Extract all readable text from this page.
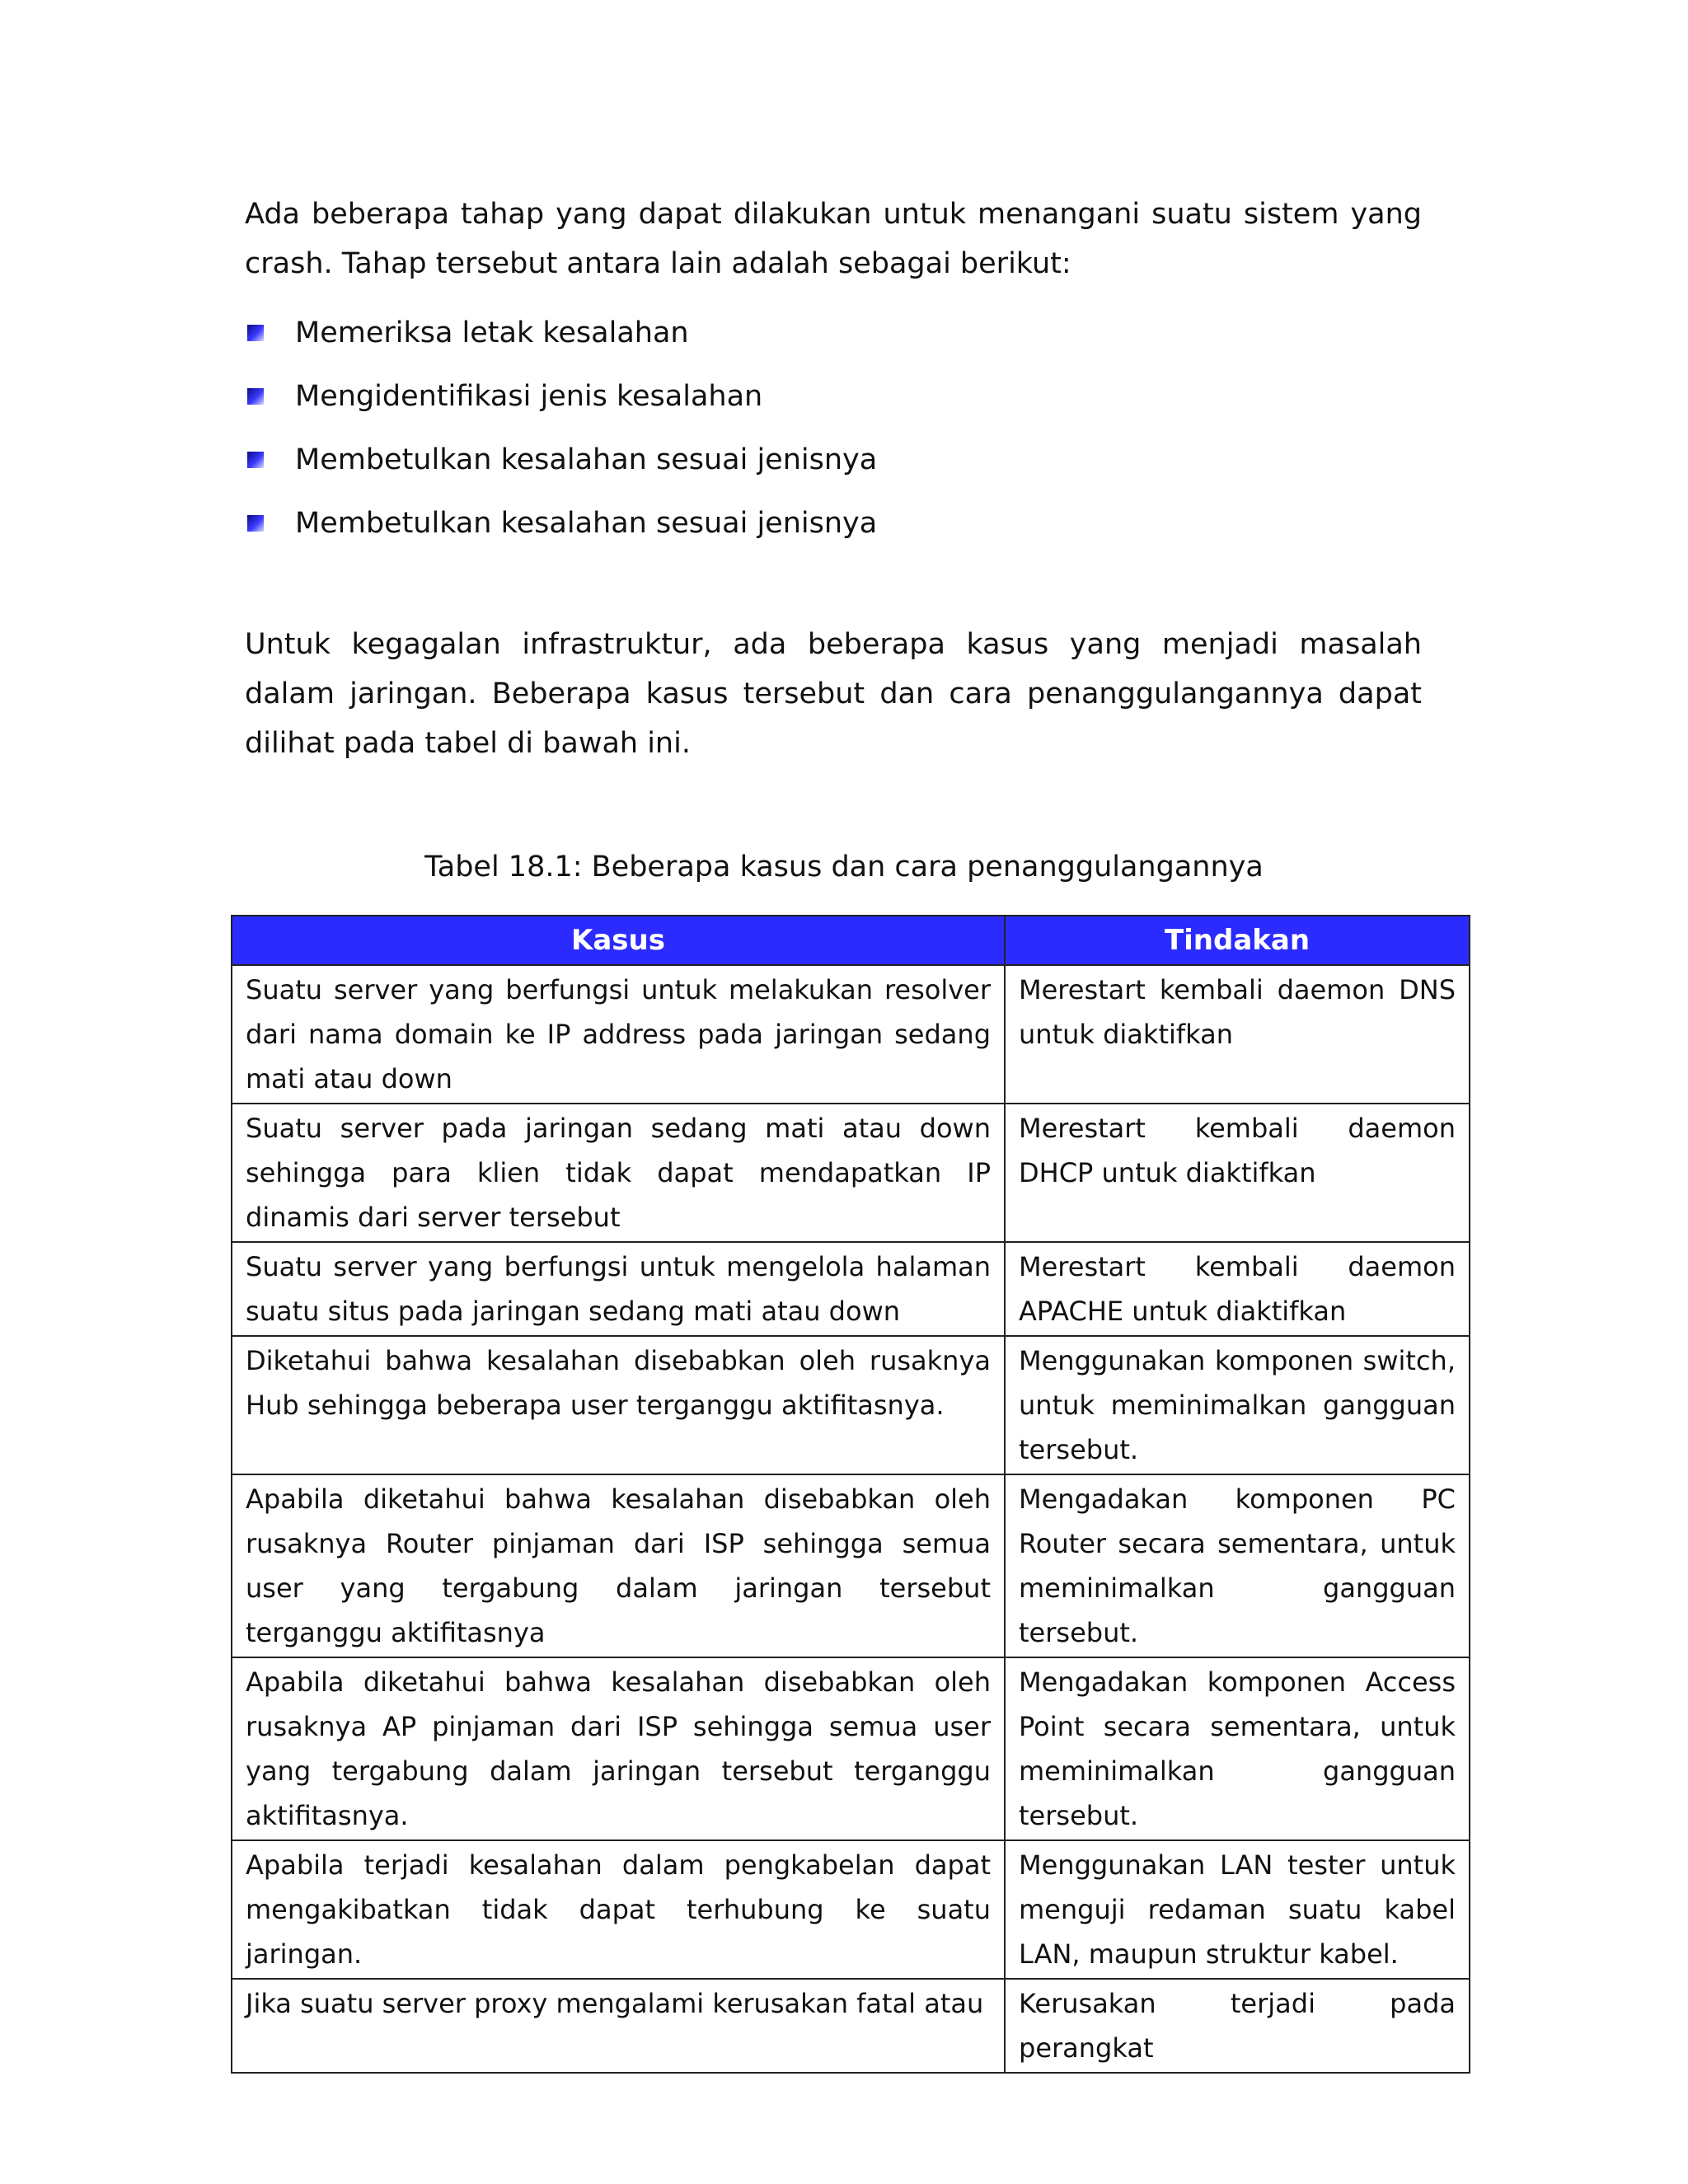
Ada beberapa tahap yang dapat dilakukan untuk menangani suatu sistem yang crash. Tahap tersebut antara lain adalah sebagai berikut:

Memeriksa letak kesalahan
Mengidentifikasi jenis kesalahan
Membetulkan kesalahan sesuai jenisnya
Membetulkan kesalahan sesuai jenisnya

Untuk kegagalan infrastruktur, ada beberapa kasus yang menjadi masalah dalam jaringan. Beberapa kasus tersebut dan cara penanggulangannya dapat dilihat pada tabel di bawah ini.

Tabel 18.1: Beberapa kasus dan cara penanggulangannya

Kasus	Tindakan
Suatu server yang berfungsi untuk melakukan resolver dari nama domain ke IP address pada jaringan sedang mati atau down	Merestart kembali daemon DNS untuk diaktifkan
Suatu server pada jaringan sedang mati atau down sehingga para klien tidak dapat mendapatkan IP dinamis dari server tersebut	Merestart kembali daemon DHCP untuk diaktifkan
Suatu server yang berfungsi untuk mengelola halaman suatu situs pada jaringan sedang mati atau down	Merestart kembali daemon APACHE untuk diaktifkan
Diketahui bahwa kesalahan disebabkan oleh rusaknya Hub sehingga beberapa user terganggu aktifitasnya.	Menggunakan komponen switch, untuk meminimalkan gangguan tersebut.
Apabila diketahui bahwa kesalahan disebabkan oleh rusaknya Router pinjaman dari ISP sehingga semua user yang tergabung dalam jaringan tersebut terganggu aktifitasnya	Mengadakan komponen PC Router secara sementara, untuk meminimalkan gangguan tersebut.
Apabila diketahui bahwa kesalahan disebabkan oleh rusaknya AP pinjaman dari ISP sehingga semua user yang tergabung dalam jaringan tersebut terganggu aktifitasnya.	Mengadakan komponen Access Point secara sementara, untuk meminimalkan gangguan tersebut.
Apabila terjadi kesalahan dalam pengkabelan dapat mengakibatkan tidak dapat terhubung ke suatu jaringan.	Menggunakan LAN tester untuk menguji redaman suatu kabel LAN, maupun struktur kabel.
Jika suatu server proxy mengalami kerusakan fatal atau	Kerusakan terjadi pada perangkat
